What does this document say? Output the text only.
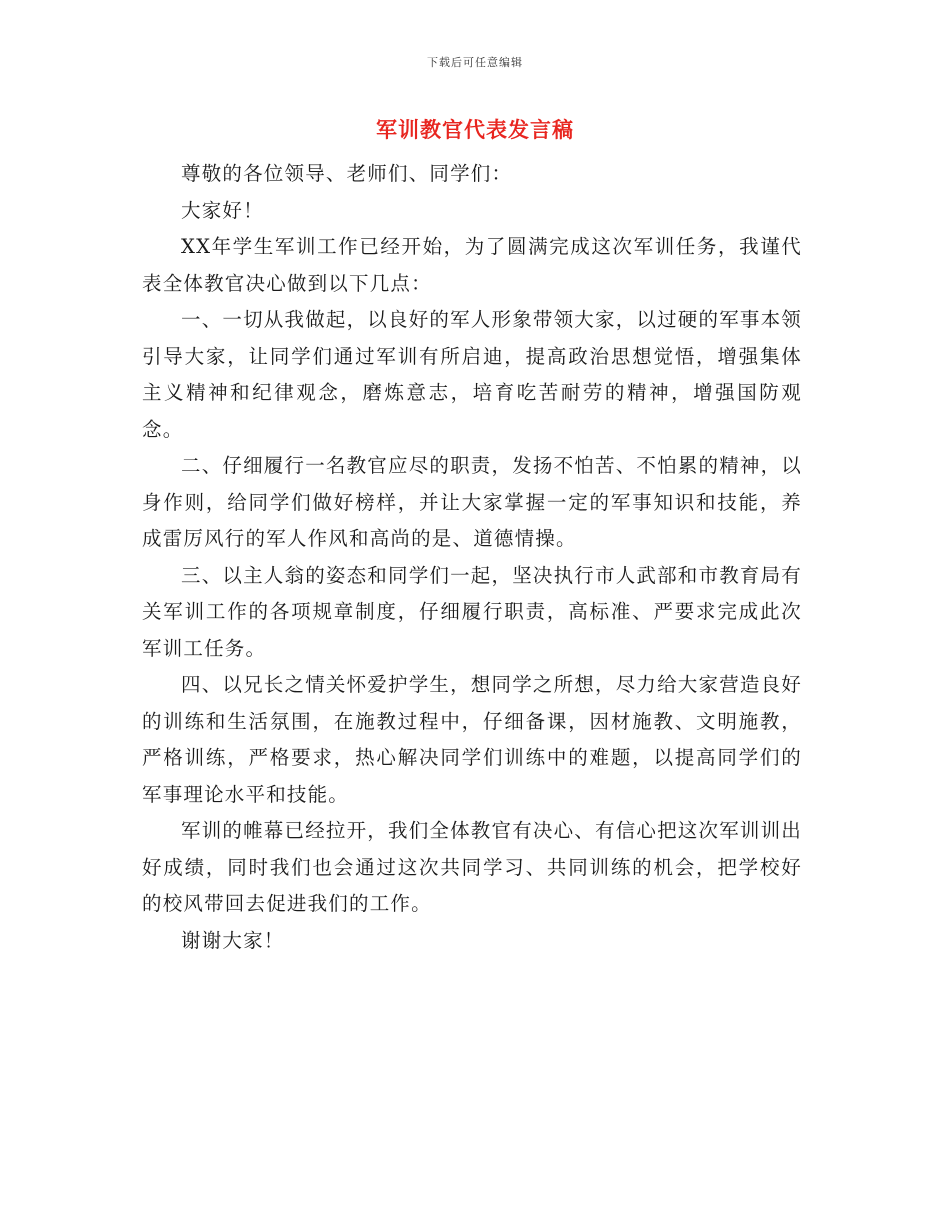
下载后可任意编辑
军训教官代表发言稿

尊敬的各位领导、老师们、同学们：

大家好！

XX年学生军训工作已经开始，为了圆满完成这次军训任务，我谨代表全体教官决心做到以下几点：

一、一切从我做起，以良好的军人形象带领大家，以过硬的军事本领引导大家，让同学们通过军训有所启迪，提高政治思想觉悟，增强集体主义精神和纪律观念，磨炼意志，培育吃苦耐劳的精神，增强国防观念。

二、仔细履行一名教官应尽的职责，发扬不怕苦、不怕累的精神，以身作则，给同学们做好榜样，并让大家掌握一定的军事知识和技能，养成雷厉风行的军人作风和高尚的是、道德情操。

三、以主人翁的姿态和同学们一起，坚决执行市人武部和市教育局有关军训工作的各项规章制度，仔细履行职责，高标准、严要求完成此次军训工任务。

四、以兄长之情关怀爱护学生，想同学之所想，尽力给大家营造良好的训练和生活氛围，在施教过程中，仔细备课，因材施教、文明施教，严格训练，严格要求，热心解决同学们训练中的难题，以提高同学们的军事理论水平和技能。

军训的帷幕已经拉开，我们全体教官有决心、有信心把这次军训训出好成绩，同时我们也会通过这次共同学习、共同训练的机会，把学校好的校风带回去促进我们的工作。

谢谢大家！
